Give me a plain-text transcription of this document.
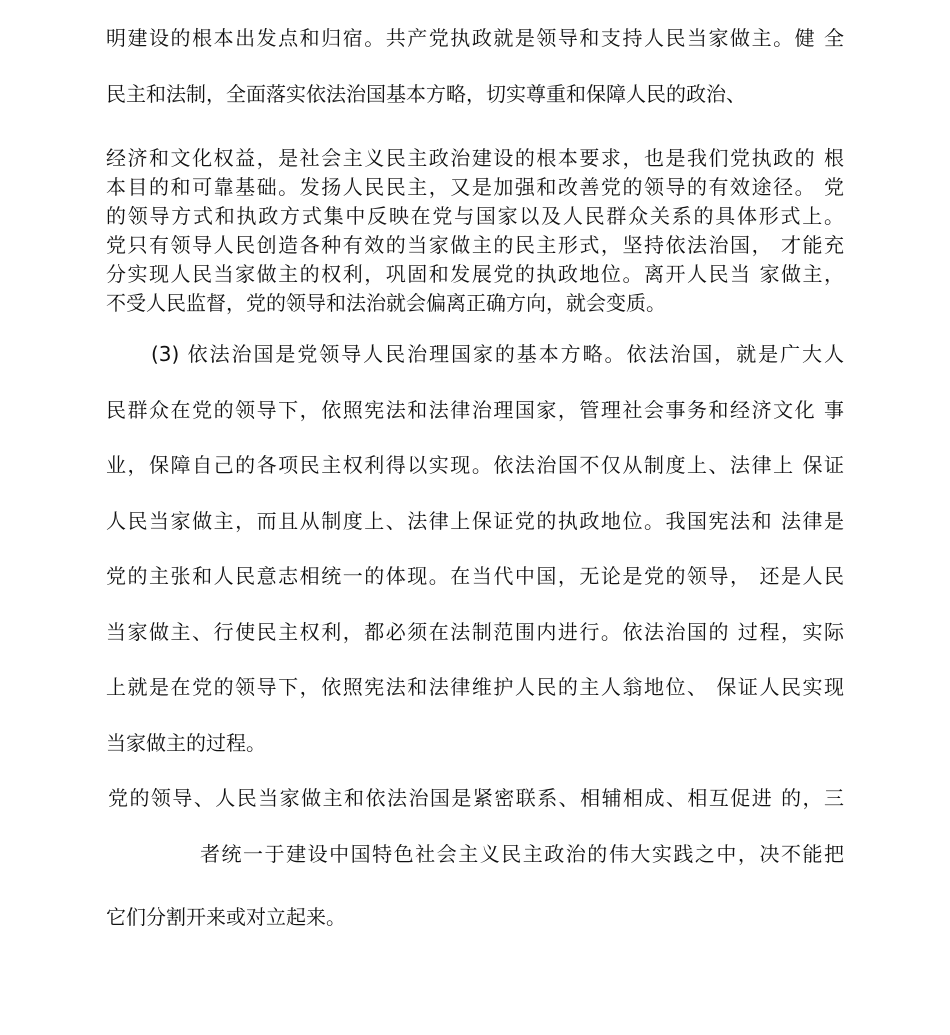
明建设的根本出发点和归宿。共产党执政就是领导和支持人民当家做主。健 全
民主和法制，全面落实依法治国基本方略，切实尊重和保障人民的政治、
经济和文化权益，是社会主义民主政治建设的根本要求，也是我们党执政的 根
本目的和可靠基础。发扬人民民主，又是加强和改善党的领导的有效途径。 党
的领导方式和执政方式集中反映在党与国家以及人民群众关系的具体形式上。
党只有领导人民创造各种有效的当家做主的民主形式，坚持依法治国， 才能充
分实现人民当家做主的权利，巩固和发展党的执政地位。离开人民当 家做主，
不受人民监督，党的领导和法治就会偏离正确方向，就会变质。
(3) 依法治国是党领导人民治理国家的基本方略。依法治国，就是广大人
民群众在党的领导下，依照宪法和法律治理国家，管理社会事务和经济文化 事
业，保障自己的各项民主权利得以实现。依法治国不仅从制度上、法律上 保证
人民当家做主，而且从制度上、法律上保证党的执政地位。我国宪法和 法律是
党的主张和人民意志相统一的体现。在当代中国，无论是党的领导， 还是人民
当家做主、行使民主权利，都必须在法制范围内进行。依法治国的 过程，实际
上就是在党的领导下，依照宪法和法律维护人民的主人翁地位、 保证人民实现
当家做主的过程。
党的领导、人民当家做主和依法治国是紧密联系、相辅相成、相互促进 的，三
者统一于建设中国特色社会主义民主政治的伟大实践之中，决不能把
它们分割开来或对立起来。
